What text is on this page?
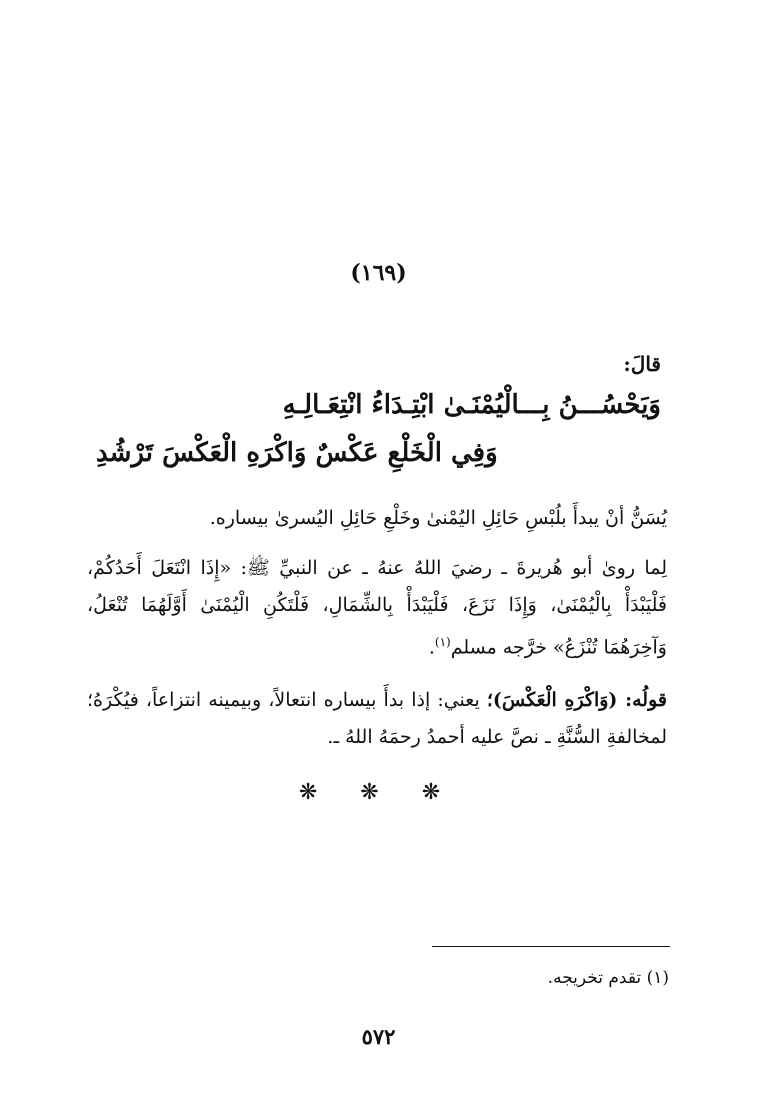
(١٦٩)
قالَ:
وَيَحْسُـــنُ بِـــالْيُمْنَـىٰ ابْتِـدَاءُ انْتِعَـالِـهِ
وَفِي الْخَلْعِ عَكْسٌ وَاكْرَهِ الْعَكْسَ تَرْشُدِ
يُسَنُّ أنْ يبدأَ بلُبْسِ حَائِلِ اليُمْنىٰ وخَلْعِ حَائِلِ اليُسرىٰ بيساره.
لِما روىٰ أبو هُريرةَ ـ رضيَ اللهُ عنهُ ـ عن النبيِّ ﷺ: «إِذَا انْتَعَلَ أَحَدُكُمْ، فَلْيَبْدَأْ بِالْيُمْنَىٰ، وَإِذَا نَزَعَ، فَلْيَبْدَأْ بِالشِّمَالِ، فَلْتَكُنِ الْيُمْنَىٰ أَوَّلَهُمَا تُنْعَلُ، وَآخِرَهُمَا تُنْزَعُ» خرَّجه مسلم$^{(١)}$.
قولُه: (وَاكْرَهِ الْعَكْسَ)؛ يعني: إذا بدأَ بيساره انتعالاً، وبيمينه انتزاعاً، فيُكْرَهُ؛ لمخالفةِ السُّنَّةِ ـ نصَّ عليه أحمدُ رحمَهُ اللهُ ـ.
❋ ❋ ❋
(١) تقدم تخريجه.
٥٧٢
